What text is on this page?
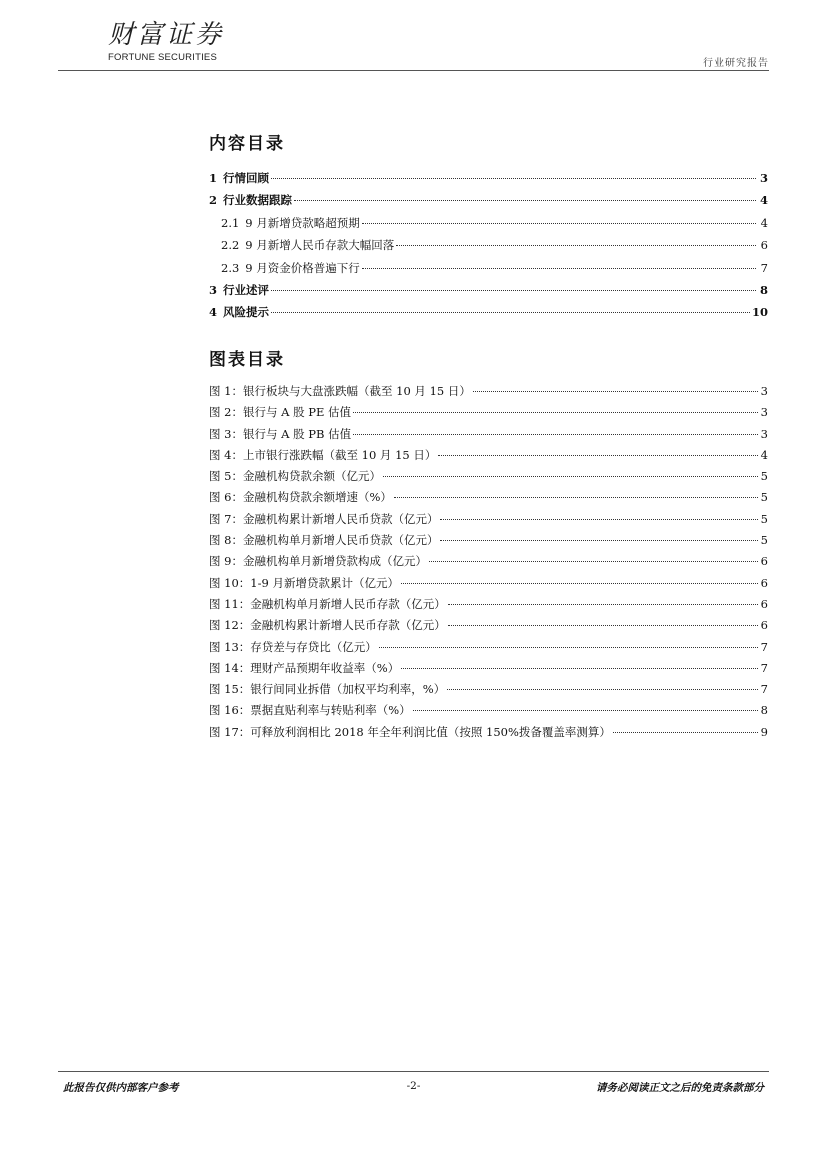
财富证券
FORTUNE SECURITIES
行业研究报告
内容目录
1 行情回顾	3
2 行业数据跟踪	4
2.1 9 月新增贷款略超预期	4
2.2 9 月新增人民币存款大幅回落	6
2.3 9 月资金价格普遍下行	7
3 行业述评	8
4 风险提示	10
图表目录
图 1：银行板块与大盘涨跌幅（截至 10 月 15 日）	3
图 2：银行与 A 股 PE 估值	3
图 3：银行与 A 股 PB 估值	3
图 4：上市银行涨跌幅（截至 10 月 15 日）	4
图 5：金融机构贷款余额（亿元）	5
图 6：金融机构贷款余额增速（%）	5
图 7：金融机构累计新增人民币贷款（亿元）	5
图 8：金融机构单月新增人民币贷款（亿元）	5
图 9：金融机构单月新增贷款构成（亿元）	6
图 10：1-9 月新增贷款累计（亿元）	6
图 11：金融机构单月新增人民币存款（亿元）	6
图 12：金融机构累计新增人民币存款（亿元）	6
图 13：存贷差与存贷比（亿元）	7
图 14：理财产品预期年收益率（%）	7
图 15：银行间同业拆借（加权平均利率，%）	7
图 16：票据直贴利率与转贴利率（%）	8
图 17：可释放利润相比 2018 年全年利润比值（按照 150%拨备覆盖率测算）	9
此报告仅供内部客户参考	-2-	请务必阅读正文之后的免责条款部分
